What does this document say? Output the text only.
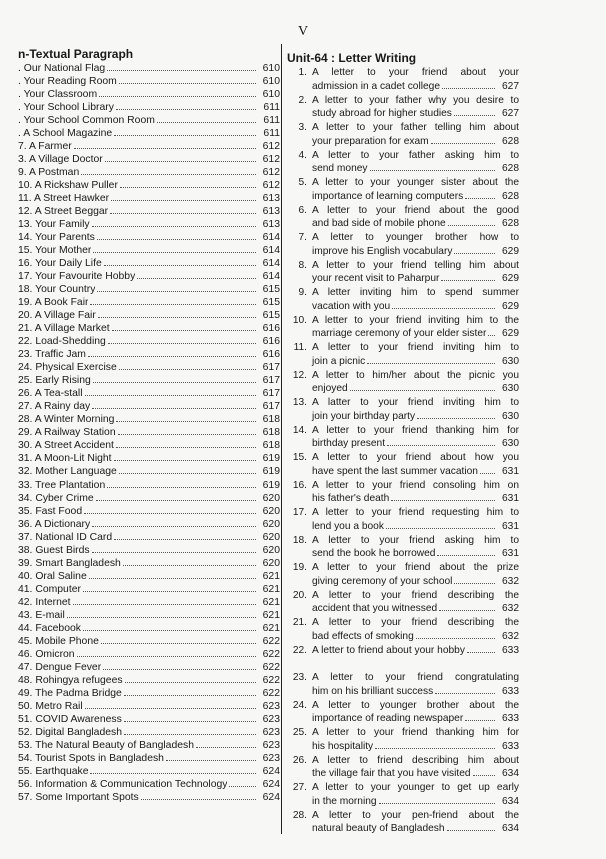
V
n-Textual Paragraph
. Our National Flag	610
. Your Reading Room	610
. Your Classroom	610
. Your School Library	611
. Your School Common Room	611
. A School Magazine	611
7. A Farmer	612
3. A Village Doctor	612
9. A Postman	612
10. A Rickshaw Puller	612
11. A Street Hawker	613
12. A Street Beggar	613
13. Your Family	613
14. Your Parents	614
15. Your Mother	614
16. Your Daily Life	614
17. Your Favourite Hobby	614
18. Your Country	615
19. A Book Fair	615
20. A Village Fair	615
21. A Village Market	616
22. Load-Shedding	616
23. Traffic Jam	616
24. Physical Exercise	617
25. Early Rising	617
26. A Tea-stall	617
27. A Rainy day	617
28. A Winter Morning	618
29. A Railway Station	618
30. A Street Accident	618
31. A Moon-Lit Night	619
32. Mother Language	619
33. Tree Plantation	619
34. Cyber Crime	620
35. Fast Food	620
36. A Dictionary	620
37. National ID Card	620
38. Guest Birds	620
39. Smart Bangladesh	620
40. Oral Saline	621
41. Computer	621
42. Internet	621
43. E-mail	621
44. Facebook	621
45. Mobile Phone	622
46. Omicron	622
47. Dengue Fever	622
48. Rohingya refugees	622
49. The Padma Bridge	622
50. Metro Rail	623
51. COVID Awareness	623
52. Digital Bangladesh	623
53. The Natural Beauty of Bangladesh	623
54. Tourist Spots in Bangladesh	623
55. Earthquake	624
56. Information & Communication Technology	624
57. Some Important Spots	624
Unit-64 : Letter Writing
1. A letter to your friend about your
admission in a cadet college	627
2. A letter to your father why you desire to
study abroad for higher studies	627
3. A letter to your father telling him about
your preparation for exam	628
4. A letter to your father asking him to
send money	628
5. A letter to your younger sister about the
importance of learning computers	628
6. A letter to your friend about the good
and bad side of mobile phone	628
7. A letter to younger brother how to
improve his English vocabulary	629
8. A letter to your friend telling him about
your recent visit to Paharpur	629
9. A letter inviting him to spend summer
vacation with you	629
10. A letter to your friend inviting him to the
marriage ceremony of your elder sister	629
11. A letter to your friend inviting him to
join a picnic	630
12. A letter to him/her about the picnic you
enjoyed	630
13. A latter to your friend inviting him to
join your birthday party	630
14. A letter to your friend thanking him for
birthday present	630
15. A letter to your friend about how you
have spent the last summer vacation	631
16. A letter to your friend consoling him on
his father's death	631
17. A letter to your friend requesting him to
lend you a book	631
18. A letter to your friend asking him to
send the book he borrowed	631
19. A letter to your friend about the prize
giving ceremony of your school	632
20. A letter to your friend describing the
accident that you witnessed	632
21. A letter to your friend describing the
bad effects of smoking	632
22. A letter to friend about your hobby	633
23. A letter to your friend congratulating
him on his brilliant success	633
24. A letter to younger brother about the
importance of reading newspaper	633
25. A letter to your friend thanking him for
his hospitality	633
26. A letter to friend describing him about
the village fair that you have visited	634
27. A letter to your younger to get up early
in the morning	634
28. A letter to your pen-friend about the
natural beauty of Bangladesh	634
